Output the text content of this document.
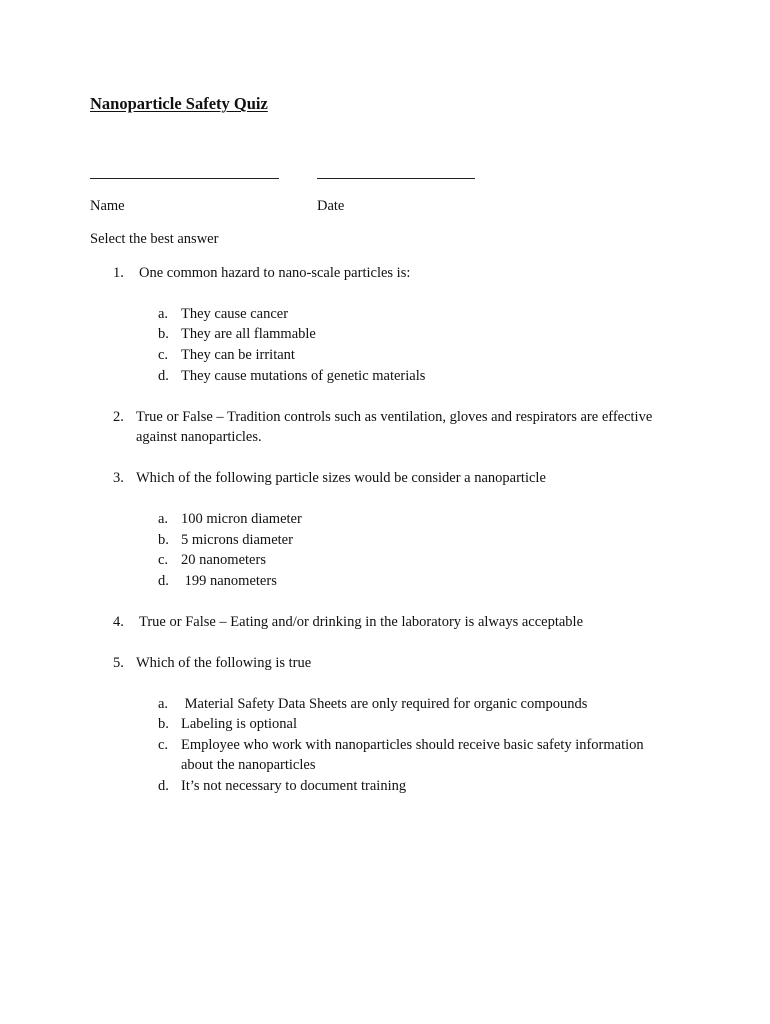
Nanoparticle Safety Quiz
Name	Date
Select the best answer
1. One common hazard to nano-scale particles is:
a. They cause cancer
b. They are all flammable
c. They can be irritant
d. They cause mutations of genetic materials
2. True or False – Tradition controls such as ventilation, gloves and respirators are effective
against nanoparticles.
3. Which of the following particle sizes would be consider a nanoparticle
a. 100 micron diameter
b. 5 microns diameter
c. 20 nanometers
d. 199 nanometers
4. True or False – Eating and/or drinking in the laboratory is always acceptable
5. Which of the following is true
a. Material Safety Data Sheets are only required for organic compounds
b. Labeling is optional
c. Employee who work with nanoparticles should receive basic safety information
about the nanoparticles
d. It’s not necessary to document training
